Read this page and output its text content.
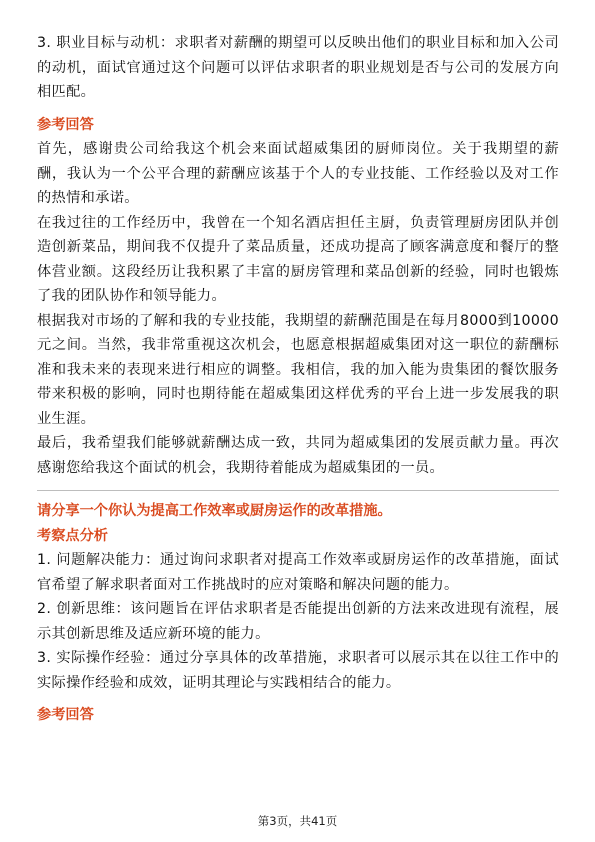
3. 职业目标与动机：求职者对薪酬的期望可以反映出他们的职业目标和加入公司的动机，面试官通过这个问题可以评估求职者的职业规划是否与公司的发展方向相匹配。

参考回答

首先，感谢贵公司给我这个机会来面试超威集团的厨师岗位。关于我期望的薪酬，我认为一个公平合理的薪酬应该基于个人的专业技能、工作经验以及对工作的热情和承诺。

在我过往的工作经历中，我曾在一个知名酒店担任主厨，负责管理厨房团队并创造创新菜品，期间我不仅提升了菜品质量，还成功提高了顾客满意度和餐厅的整体营业额。这段经历让我积累了丰富的厨房管理和菜品创新的经验，同时也锻炼了我的团队协作和领导能力。

根据我对市场的了解和我的专业技能，我期望的薪酬范围是在每月8000到10000元之间。当然，我非常重视这次机会，也愿意根据超威集团对这一职位的薪酬标准和我未来的表现来进行相应的调整。我相信，我的加入能为贵集团的餐饮服务带来积极的影响，同时也期待能在超威集团这样优秀的平台上进一步发展我的职业生涯。

最后，我希望我们能够就薪酬达成一致，共同为超威集团的发展贡献力量。再次感谢您给我这个面试的机会，我期待着能成为超威集团的一员。

请分享一个你认为提高工作效率或厨房运作的改革措施。
考察点分析

1. 问题解决能力：通过询问求职者对提高工作效率或厨房运作的改革措施，面试官希望了解求职者面对工作挑战时的应对策略和解决问题的能力。

2. 创新思维：该问题旨在评估求职者是否能提出创新的方法来改进现有流程，展示其创新思维及适应新环境的能力。

3. 实际操作经验：通过分享具体的改革措施，求职者可以展示其在以往工作中的实际操作经验和成效，证明其理论与实践相结合的能力。

参考回答
第3页，共41页
